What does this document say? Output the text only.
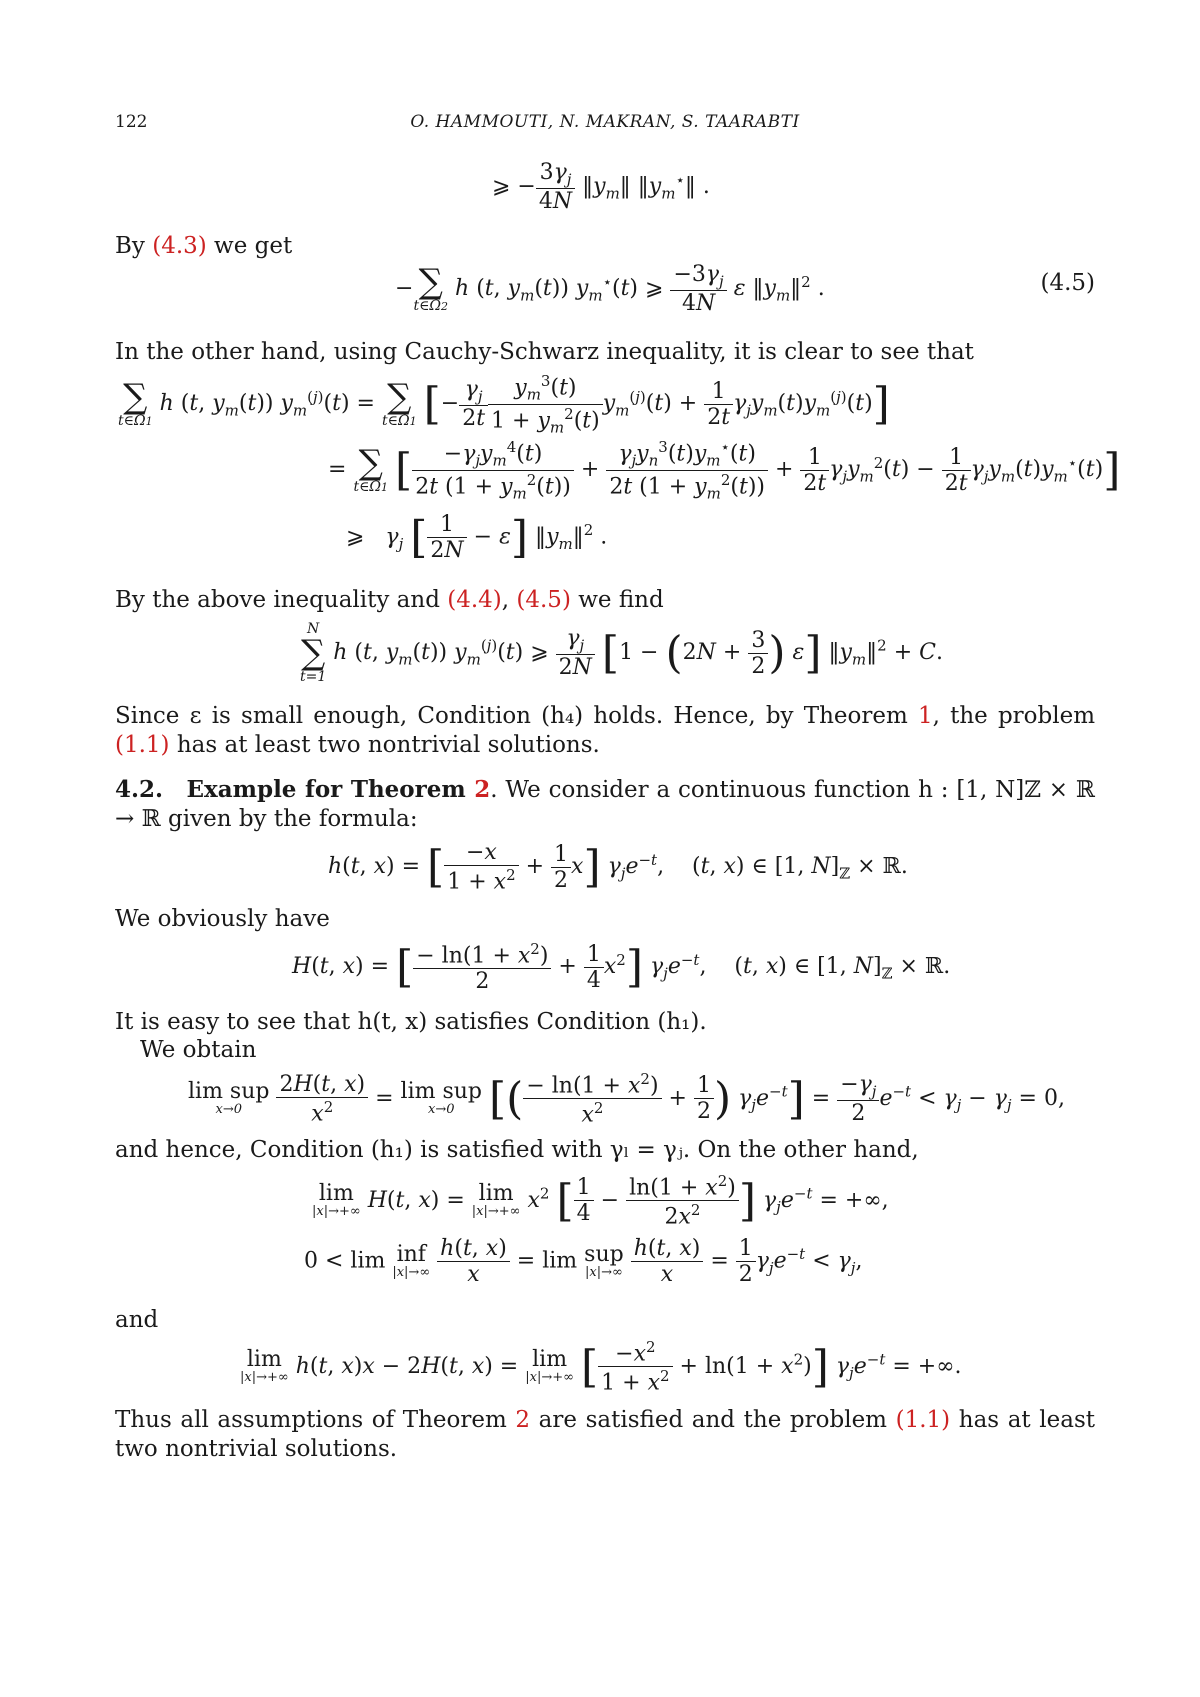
122	O. HAMMOUTI, N. MAKRAN, S. TAARABTI
⩾ − $\frac{3\gamma_j}{4N}$ $‖y_m‖$ $‖y_m^⋆‖$ .
By (4.3) we get
− ∑
t∈Ω2
h (t, $y_m(t)$) $y_m^⋆(t)$ ⩾ $\frac{-3\gamma_j}{4N}$ ε $‖y_m‖^2$ .	(4.5)
In the other hand, using Cauchy-Schwarz inequality, it is clear to see that
∑
t∈Ω1
h (t, $y_m(t)$) $y_m^{(j)}(t)$ = ∑
t∈Ω1 [− $\frac{\gamma_j}{2t} \frac{y_m^3(t)}{1 + y_m^2(t)} y_m^{(j)}(t) + \frac{1}{2t} \gamma_jy_m(t)y_m^{(j)}(t)$]
= ∑
t∈Ω1 [ $\frac{-\gamma_jy_m^4(t)}{2t (1 + y_m^2(t))} + \frac{\gamma_jy_n^3(t)y_m^⋆(t)}{2t (1 + y_m^2(t))} + \frac{1}{2t} \gamma_jy_m^2(t) - \frac{1}{2t} \gamma_jy_m(t)y_m^⋆(t)$]
⩾   $\gamma_j$ [ $\frac{1}{2N} - \varepsilon$] $‖y_m‖^2$ .
By the above inequality and (4.4), (4.5) we find
N
∑
t=1
h (t, $y_m(t)$) $y_m^{(j)}(t)$ ⩾ $\frac{\gamma_j}{2N} [1 - (2N + \frac{3}{2}$ ) ε] $‖y_m‖^2 + C$.
Since ε is small enough, Condition (h₄) holds. Hence, by Theorem 1, the problem (1.1) has at least two nontrivial solutions.
4.2. Example for Theorem 2. We consider a continuous function h : [1, N]ℤ × ℝ → ℝ given by the formula:
h(t, x) = [ $\frac{-x}{1 + x^2} + \frac{1}{2} x$] $\gamma_je^{-t}$,    (t, x) ∈ [1, $N]_ℤ$ × ℝ.
We obviously have
H(t, x) = [ $\frac{- \ln(1 + x^2)}{2} + \frac{1}{4} x^2$] $\gamma_je^{-t}$,    (t, x) ∈ [1, $N]_ℤ$ × ℝ.
It is easy to see that h(t, x) satisfies Condition (h₁).
We obtain
lim sup
x→0
	$\frac{2H(t, x)}{x^2} = \lim$ sup
x→0 [( $\frac{- \ln(1 + x^2)}{x^2} + \frac{1}{2}$ ) $\gamma_je^{-t}] = \frac{-\gamma_j}{2} e^{-t} < \gamma_j - \gamma_j = 0$,
and hence, Condition (h₁) is satisfied with γₗ = γⱼ. On the other hand,
lim
|x|→+∞ H(t, x) = lim
|x|→+∞ $x^2$ [ $\frac{1}{4} - \frac{\ln(1 + x^2)}{2x^2}$ ] $\gamma_je^{-t}$ = +∞,
0 < lim inf
|x|→∞
$\frac{h(t, x)}{x} = \lim$ sup
|x|→∞
$\frac{h(t, x)}{x} = \frac{1}{2} \gamma_je^{-t} < \gamma_j$,
and
lim
|x|→+∞ h(t, x)x − 2H(t, x) = lim
|x|→+∞ [ $\frac{-x^2}{1 + x^2} + \ln(1 + x^2)$] $\gamma_je^{-t}$ = +∞.
Thus all assumptions of Theorem 2 are satisfied and the problem (1.1) has at least two nontrivial solutions.
